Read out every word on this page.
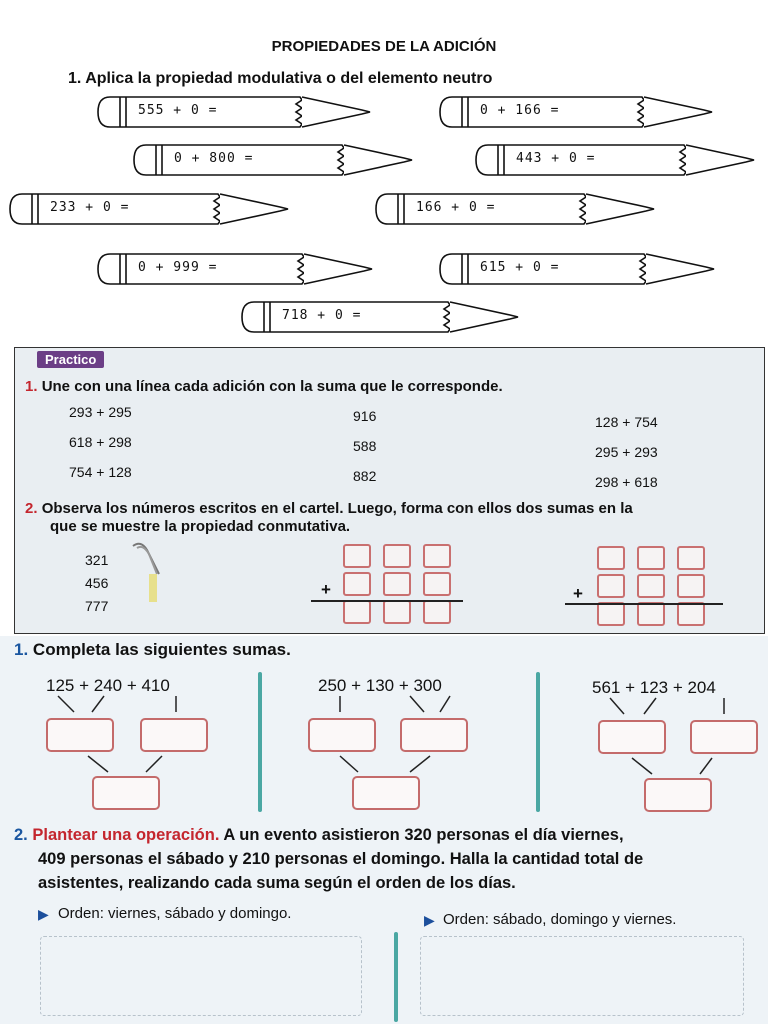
PROPIEDADES DE LA ADICIÓN
1. Aplica la propiedad modulativa o del elemento neutro
555 + 0 =	0 + 166 =
0 + 800 =	443 + 0 =
233 + 0 =	166 + 0 =
0 + 999 =	615 + 0 =
718 + 0 =
Practico
1. Une con una línea cada adición con la suma que le corresponde.
293 + 295
618 + 298
754 + 128
916
588
882
128 + 754
295 + 293
298 + 618
2. Observa los números escritos en el cartel. Luego, forma con ellos dos sumas en la
que se muestre la propiedad conmutativa.
321
456
777
+	+
1. Completa las siguientes sumas.
125 + 240 + 410	250 + 130 + 300	561 + 123 + 204
2. Plantear una operación. A un evento asistieron 320 personas el día viernes,
409 personas el sábado y 210 personas el domingo. Halla la cantidad total de
asistentes, realizando cada suma según el orden de los días.
▶ Orden: viernes, sábado y domingo.	▶ Orden: sábado, domingo y viernes.
